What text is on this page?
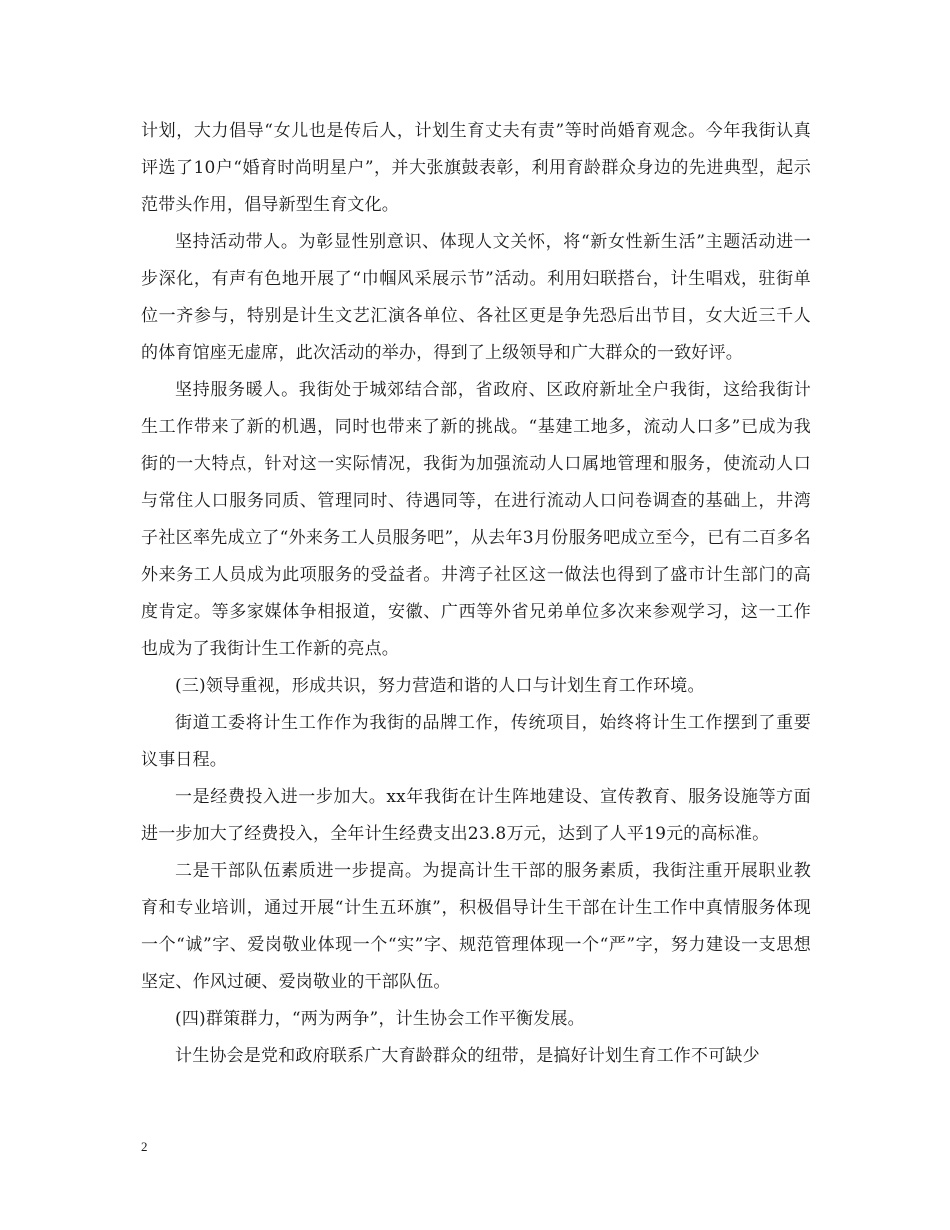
计划，大力倡导“女儿也是传后人，计划生育丈夫有责”等时尚婚育观念。今年我街认真评选了10户“婚育时尚明星户”，并大张旗鼓表彰，利用育龄群众身边的先进典型，起示范带头作用，倡导新型生育文化。

坚持活动带人。为彰显性别意识、体现人文关怀，将“新女性新生活”主题活动进一步深化，有声有色地开展了“巾帼风采展示节”活动。利用妇联搭台，计生唱戏，驻街单位一齐参与，特别是计生文艺汇演各单位、各社区更是争先恐后出节目，女大近三千人的体育馆座无虚席，此次活动的举办，得到了上级领导和广大群众的一致好评。

坚持服务暖人。我街处于城郊结合部，省政府、区政府新址全户我街，这给我街计生工作带来了新的机遇，同时也带来了新的挑战。“基建工地多，流动人口多”已成为我街的一大特点，针对这一实际情况，我街为加强流动人口属地管理和服务，使流动人口与常住人口服务同质、管理同时、待遇同等，在进行流动人口问卷调查的基础上，井湾子社区率先成立了“外来务工人员服务吧”，从去年3月份服务吧成立至今，已有二百多名外来务工人员成为此项服务的受益者。井湾子社区这一做法也得到了盛市计生部门的高度肯定。等多家媒体争相报道，安徽、广西等外省兄弟单位多次来参观学习，这一工作也成为了我街计生工作新的亮点。

(三)领导重视，形成共识，努力营造和谐的人口与计划生育工作环境。

街道工委将计生工作作为我街的品牌工作，传统项目，始终将计生工作摆到了重要议事日程。

一是经费投入进一步加大。xx年我街在计生阵地建设、宣传教育、服务设施等方面进一步加大了经费投入，全年计生经费支出23.8万元，达到了人平19元的高标准。

二是干部队伍素质进一步提高。为提高计生干部的服务素质，我街注重开展职业教育和专业培训，通过开展“计生五环旗”，积极倡导计生干部在计生工作中真情服务体现一个“诚”字、爱岗敬业体现一个“实”字、规范管理体现一个“严”字，努力建设一支思想坚定、作风过硬、爱岗敬业的干部队伍。

(四)群策群力，“两为两争”，计生协会工作平衡发展。

计生协会是党和政府联系广大育龄群众的纽带，是搞好计划生育工作不可缺少

2
